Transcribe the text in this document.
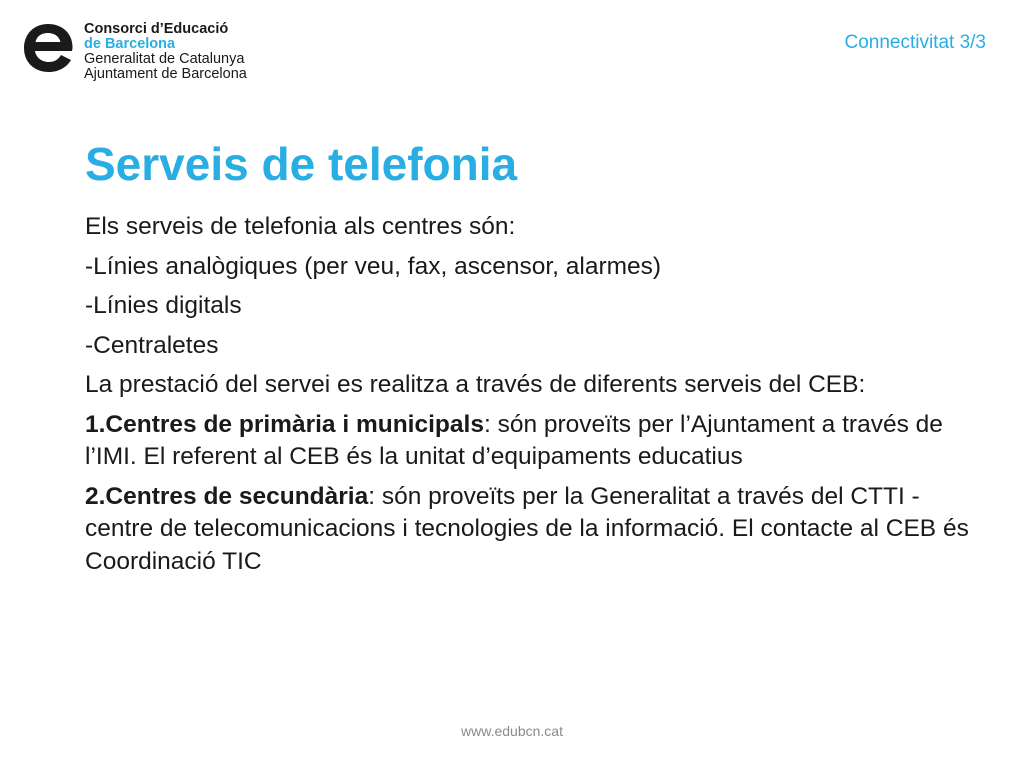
Consorci d’Educació
de Barcelona
Generalitat de Catalunya
Ajuntament de Barcelona
Connectivitat 3/3
Serveis de telefonia

Els serveis de telefonia als centres són:

-Línies analògiques (per veu, fax, ascensor, alarmes)

-Línies digitals

-Centraletes

La prestació del servei es realitza a través de diferents serveis del CEB:

1.Centres de primària i municipals: són proveïts per l’Ajuntament a través de l’IMI. El referent al CEB és la unitat d’equipaments educatius

2.Centres de secundària: són proveïts per la Generalitat a través del CTTI -centre de telecomunicacions i tecnologies de la informació. El contacte al CEB és Coordinació TIC

www.edubcn.cat
